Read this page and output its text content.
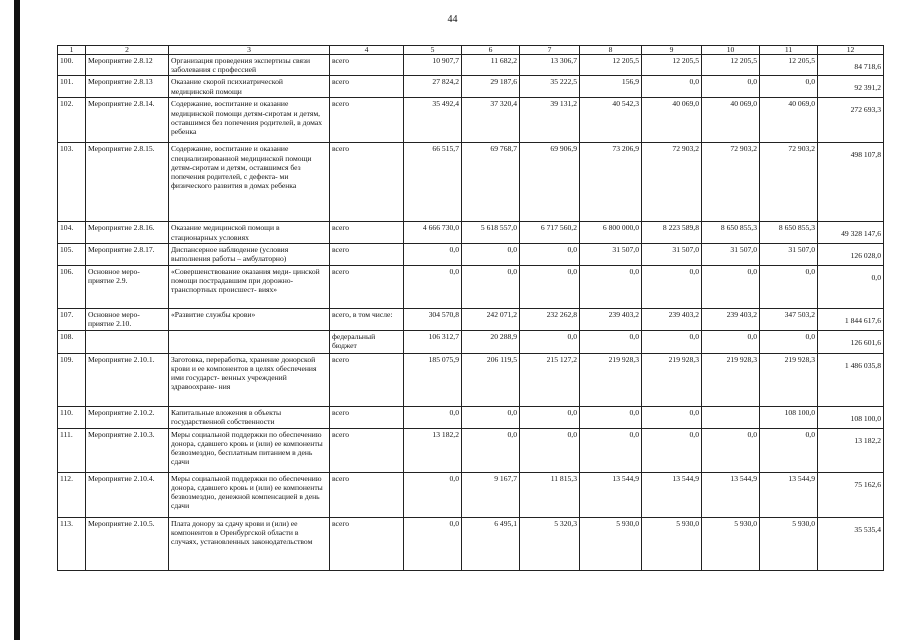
44
1	2	3	4	5	6	7	8	9	10	11	12
100.	Мероприятие 2.8.12	Организация проведения экспертизы связи заболевания с профессией	всего	10 907,7	11 682,2	13 306,7	12 205,5	12 205,5	12 205,5	12 205,5	84 718,6
101.	Мероприятие 2.8.13	Оказание скорой психиатрической медицинской помощи	всего	27 824,2	29 187,6	35 222,5	156,9	0,0	0,0	0,0	92 391,2
102.	Мероприятие 2.8.14.	Содержание, воспитание и оказание медицинской помощи детям-сиротам и детям, оставшимся без попечения родителей, в домах ребенка	всего	35 492,4	37 320,4	39 131,2	40 542,3	40 069,0	40 069,0	40 069,0	272 693,3
103.	Мероприятие 2.8.15.	Содержание, воспитание и оказание специализированной медицинской помощи детям-сиротам и детям, оставшимся без попечения родителей, с дефекта- ми физического развития в домах ребенка	всего	66 515,7	69 768,7	69 906,9	73 206,9	72 903,2	72 903,2	72 903,2	498 107,8
104.	Мероприятие 2.8.16.	Оказание медицинской помощи в стационарных условиях	всего	4 666 730,0	5 618 557,0	6 717 560,2	6 800 000,0	8 223 589,8	8 650 855,3	8 650 855,3	49 328 147,6
105.	Мероприятие 2.8.17.	Диспансерное наблюдение (условия выполнения работы – амбулаторно)	всего	0,0	0,0	0,0	31 507,0	31 507,0	31 507,0	31 507,0	126 028,0
106.	Основное меро- приятие 2.9.	«Совершенствование оказания меди- цинской помощи пострадавшим при дорожно-транспортных происшест- виях»	всего	0,0	0,0	0,0	0,0	0,0	0,0	0,0	0,0
107.	Основное меро- приятие 2.10.	«Развитие службы крови»	всего, в том числе:	304 570,8	242 071,2	232 262,8	239 403,2	239 403,2	239 403,2	347 503,2	1 844 617,6
108.			федеральный бюджет	106 312,7	20 288,9	0,0	0,0	0,0	0,0	0,0	126 601,6
109.	Мероприятие 2.10.1.	Заготовка, переработка, хранение донорской крови и ее компонентов в целях обеспечения ими государст- венных учреждений здравоохране- ния	всего	185 075,9	206 119,5	215 127,2	219 928,3	219 928,3	219 928,3	219 928,3	1 486 035,8
110.	Мероприятие 2.10.2.	Капитальные вложения в объекты государственной собственности	всего	0,0	0,0	0,0	0,0	0,0		108 100,0	108 100,0
111.	Мероприятие 2.10.3.	Меры социальной поддержки по обеспечению донора, сдавшего кровь и (или) ее компоненты безвозмездно, бесплатным питанием в день сдачи	всего	13 182,2	0,0	0,0	0,0	0,0	0,0	0,0	13 182,2
112.	Мероприятие 2.10.4.	Меры социальной поддержки по обеспечению донора, сдавшего кровь и (или) ее компоненты безвозмездно, денежной компенсацией в день сдачи	всего	0,0	9 167,7	11 815,3	13 544,9	13 544,9	13 544,9	13 544,9	75 162,6
113.	Мероприятие 2.10.5.	Плата донору за сдачу крови и (или) ее компонентов в Оренбургской области в случаях, установленных законодательством	всего	0,0	6 495,1	5 320,3	5 930,0	5 930,0	5 930,0	5 930,0	35 535,4
